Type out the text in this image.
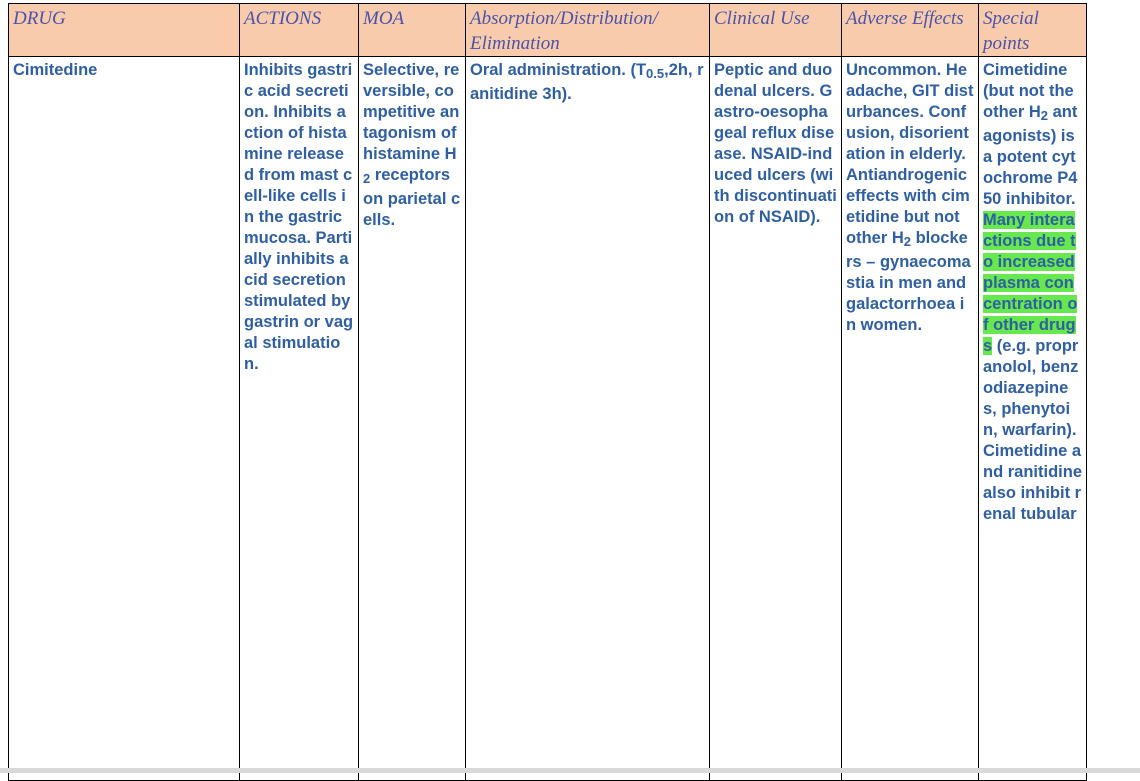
DRUG	ACTIONS	MOA	Absorption/Distribution/ Elimination	Clinical Use	Adverse Effects	Special points
Cimitedine	Inhibits gastric acid secretion. Inhibits action of histamine released from mast cell-like cells in the gastric mucosa. Partially inhibits acid secretion stimulated by gastrin or vagal stimulation.	Selective, reversible, competitive antagonism of histamine $H_2$ receptors on parietal cells.	Oral administration. ($T_{0.5},2h$, ranitidine 3h).	Peptic and duodenal ulcers. Gastro-oesophageal reflux disease. NSAID-induced ulcers (with discontinuation of NSAID).	Uncommon. Headache, GIT disturbances. Confusion, disorientation in elderly. Antiandrogenic effects with cimetidine but not other $H_2$ blockers – gynaecomastia in men and galactorrhoea in women.	Cimetidine (but not the other $H_2$ antagonists) is a potent cytochrome P450 inhibitor. Many interactions due to increased plasma concentration of other drugs (e.g. propranolol, benzodiazepines, phenytoin, warfarin). Cimetidine and ranitidine also inhibit renal tubular
